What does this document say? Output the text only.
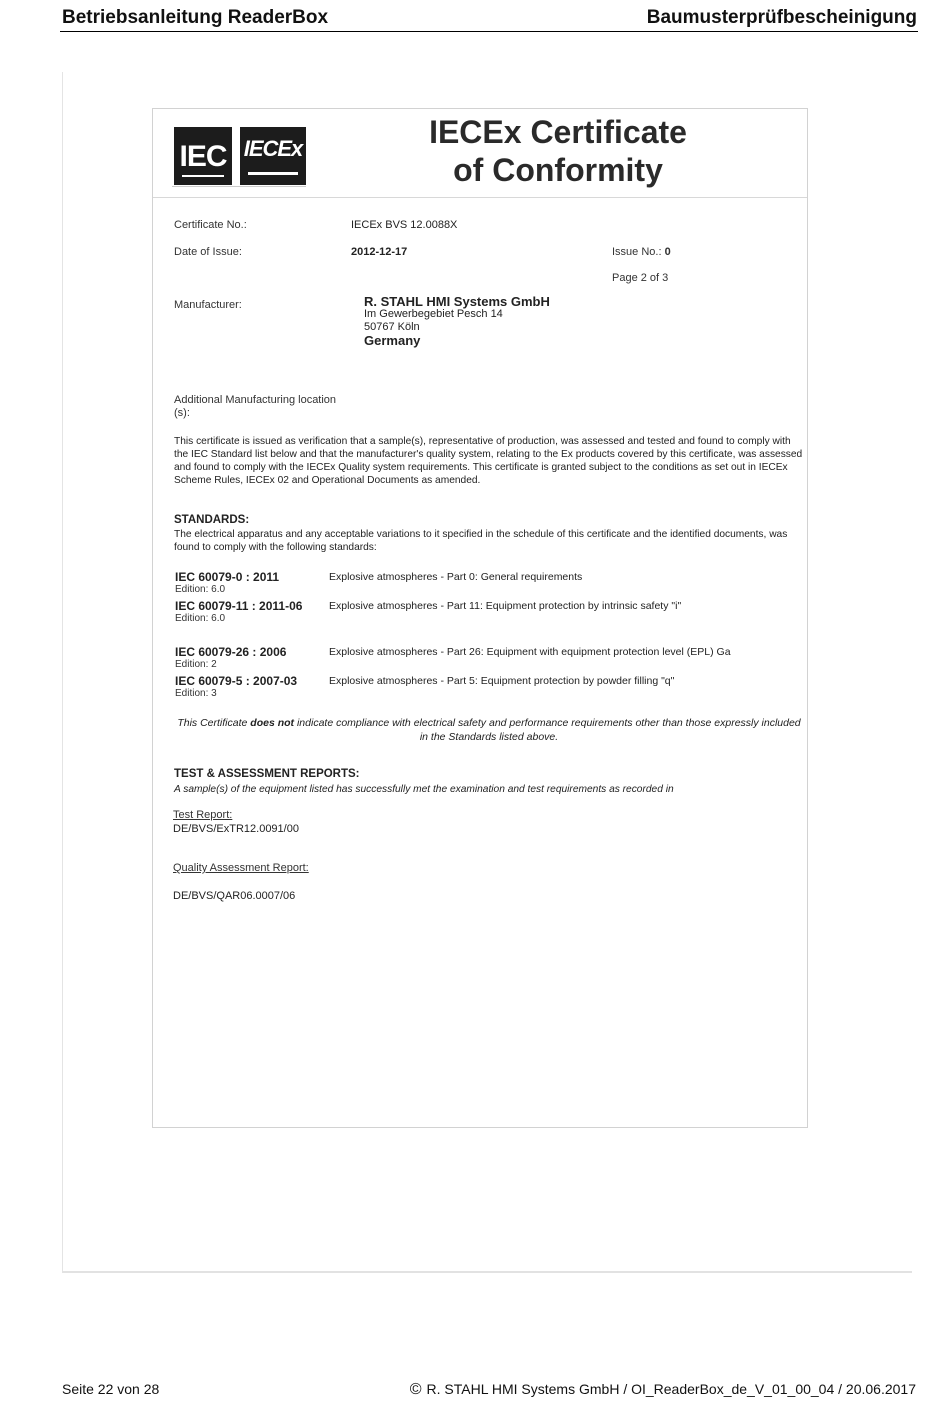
Betriebsanleitung ReaderBox	Baumusterprüfbescheinigung
IEC IECEx	IECEx Certificate
of Conformity
Certificate No.:	IECEx BVS 12.0088X
Date of Issue:	2012-12-17	Issue No.: 0
Page 2 of 3
Manufacturer:	R. STAHL HMI Systems GmbH
Im Gewerbegebiet Pesch 14
50767 Köln
Germany
Additional Manufacturing location
(s):
This certificate is issued as verification that a sample(s), representative of production, was assessed and tested and found to comply with the IEC Standard list below and that the manufacturer's quality system, relating to the Ex products covered by this certificate, was assessed and found to comply with the IECEx Quality system requirements. This certificate is granted subject to the conditions as set out in IECEx Scheme Rules, IECEx 02 and Operational Documents as amended.
STANDARDS:
The electrical apparatus and any acceptable variations to it specified in the schedule of this certificate and the identified documents, was found to comply with the following standards:
IEC 60079-0 : 2011
Edition: 6.0
Explosive atmospheres - Part 0: General requirements
IEC 60079-11 : 2011-06
Edition: 6.0
Explosive atmospheres - Part 11: Equipment protection by intrinsic safety "i"
IEC 60079-26 : 2006
Edition: 2
Explosive atmospheres - Part 26: Equipment with equipment protection level (EPL) Ga
IEC 60079-5 : 2007-03
Edition: 3
Explosive atmospheres - Part 5: Equipment protection by powder filling "q"
This Certificate does not indicate compliance with electrical safety and performance requirements other than those expressly included in the Standards listed above.
TEST & ASSESSMENT REPORTS:
A sample(s) of the equipment listed has successfully met the examination and test requirements as recorded in
Test Report:
DE/BVS/ExTR12.0091/00
Quality Assessment Report:
DE/BVS/QAR06.0007/06
Seite 22 von 28	© R. STAHL HMI Systems GmbH / OI_ReaderBox_de_V_01_00_04 / 20.06.2017
